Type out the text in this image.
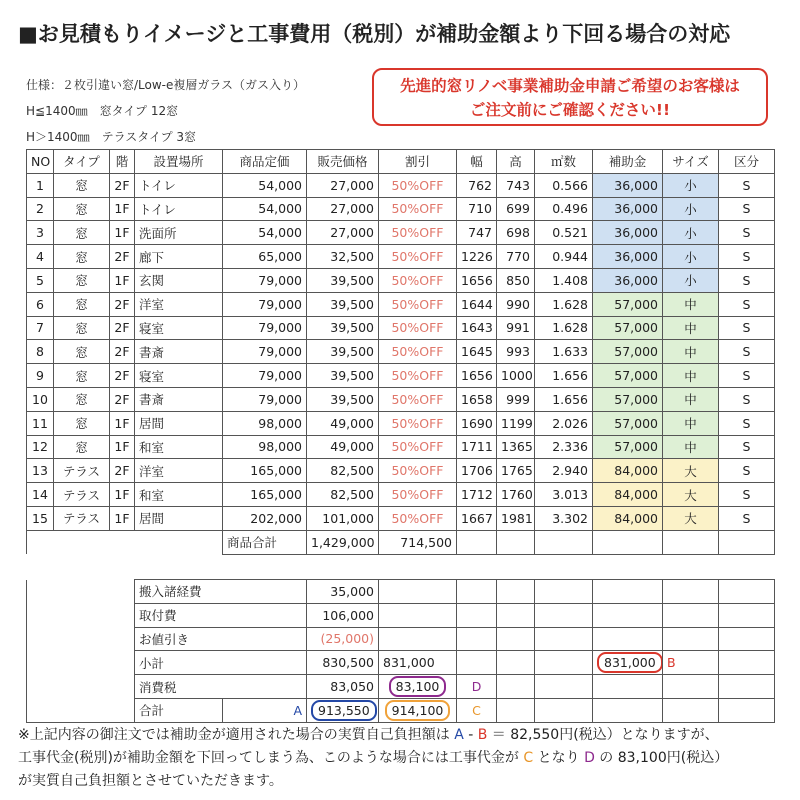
■お見積もりイメージと工事費用（税別）が補助金額より下回る場合の対応
仕様：２枚引違い窓/Low-e複層ガラス（ガス入り）
H≦1400㎜　窓タイプ 12窓
H＞1400㎜　テラスタイプ 3窓
先進的窓リノベ事業補助金申請ご希望のお客様は
ご注文前にご確認ください!!
NO	タイプ	階	設置場所	商品定価	販売価格	割引	幅	高	㎡数	補助金	サイズ	区分	
1	窓	2F	トイレ	54,000	27,000	50%OFF	762	743	0.566	36,000	小	S	
2	窓	1F	トイレ	54,000	27,000	50%OFF	710	699	0.496	36,000	小	S	
3	窓	1F	洗面所	54,000	27,000	50%OFF	747	698	0.521	36,000	小	S	
4	窓	2F	廊下	65,000	32,500	50%OFF	1226	770	0.944	36,000	小	S	
5	窓	1F	玄関	79,000	39,500	50%OFF	1656	850	1.408	36,000	小	S	
6	窓	2F	洋室	79,000	39,500	50%OFF	1644	990	1.628	57,000	中	S	
7	窓	2F	寝室	79,000	39,500	50%OFF	1643	991	1.628	57,000	中	S	
8	窓	2F	書斎	79,000	39,500	50%OFF	1645	993	1.633	57,000	中	S	
9	窓	2F	寝室	79,000	39,500	50%OFF	1656	1000	1.656	57,000	中	S	
10	窓	2F	書斎	79,000	39,500	50%OFF	1658	999	1.656	57,000	中	S	
11	窓	1F	居間	98,000	49,000	50%OFF	1690	1199	2.026	57,000	中	S	
12	窓	1F	和室	98,000	49,000	50%OFF	1711	1365	2.336	57,000	中	S	
13	テラス	2F	洋室	165,000	82,500	50%OFF	1706	1765	2.940	84,000	大	S	
14	テラス	1F	和室	165,000	82,500	50%OFF	1712	1760	3.013	84,000	大	S	
15	テラス	1F	居間	202,000	101,000	50%OFF	1667	1981	3.302	84,000	大	S	
				商品合計	1,429,000	714,500							
			搬入諸経費		35,000							
			取付費		106,000							
			お値引き		(25,000)							
			小計		830,500	831,000				831,000	B	
			消費税		83,050	83,100	D					
			合計	A	913,550	914,100	C					
※上記内容の御注文では補助金が適用された場合の実質自己負担額は A - B ＝ 82,550円(税込）となりますが、
工事代金(税別)が補助金額を下回ってしまう為、このような場合には工事代金が C となり D の 83,100円(税込）
が実質自己負担額とさせていただきます。
